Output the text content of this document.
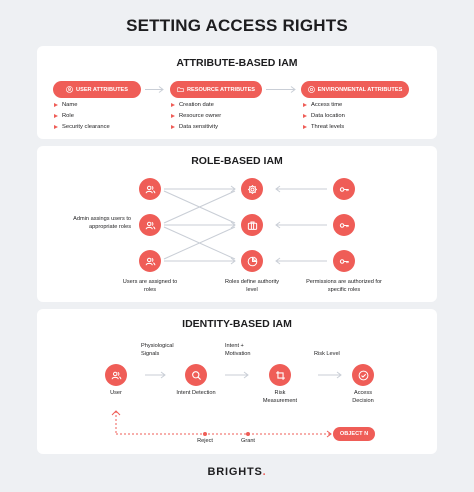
SETTING ACCESS RIGHTS
ATTRIBUTE-BASED IAM
USER ATTRIBUTES
Name
Role
Security clearance
RESOURCE ATTRIBUTES
Creation date
Resource owner
Data sensitivity
ENVIRONMENTAL ATTRIBUTES
Access time
Data location
Threat levels
ROLE-BASED IAM
Admin assings users to appropriate roles
Users are assigned to roles
Roles define authority level
Permissions are authorized for specific roles
IDENTITY-BASED IAM
User	Intent Detection	Risk Measurement
Access Decision
Physiological Signals
Intent + Motivation	Risk Level
Reject	Grant
OBJECT N
BRIGHTS.
